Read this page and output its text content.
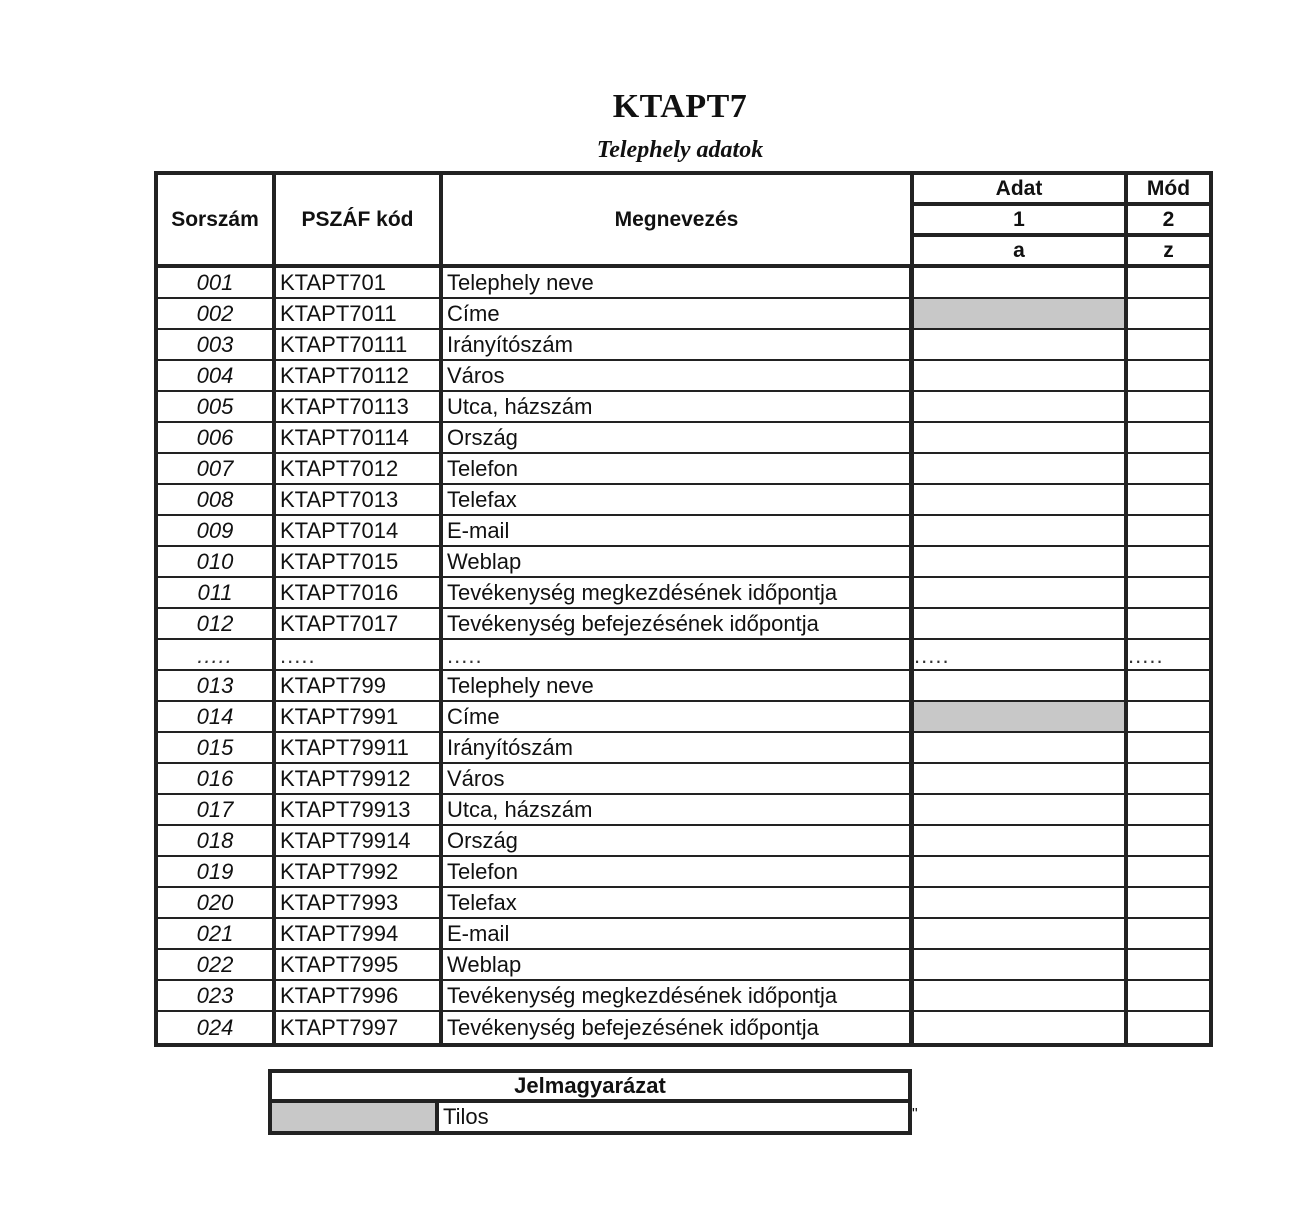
KTAPT7
Telephely adatok
Sorszám	PSZÁF kód	Megnevezés	Adat	Mód
			1	2
			a	z
001	KTAPT701	Telephely neve		
002	KTAPT7011	Címe		
003	KTAPT70111	Irányítószám		
004	KTAPT70112	Város		
005	KTAPT70113	Utca, házszám		
006	KTAPT70114	Ország		
007	KTAPT7012	Telefon		
008	KTAPT7013	Telefax		
009	KTAPT7014	E-mail		
010	KTAPT7015	Weblap		
011	KTAPT7016	Tevékenység megkezdésének időpontja		
012	KTAPT7017	Tevékenység befejezésének időpontja		
.....	.....	.....	.....	.....
013	KTAPT799	Telephely neve		
014	KTAPT7991	Címe		
015	KTAPT79911	Irányítószám		
016	KTAPT79912	Város		
017	KTAPT79913	Utca, házszám		
018	KTAPT79914	Ország		
019	KTAPT7992	Telefon		
020	KTAPT7993	Telefax		
021	KTAPT7994	E-mail		
022	KTAPT7995	Weblap		
023	KTAPT7996	Tevékenység megkezdésének időpontja		
024	KTAPT7997	Tevékenység befejezésének időpontja		
Jelmagyarázat
	Tilos	"
